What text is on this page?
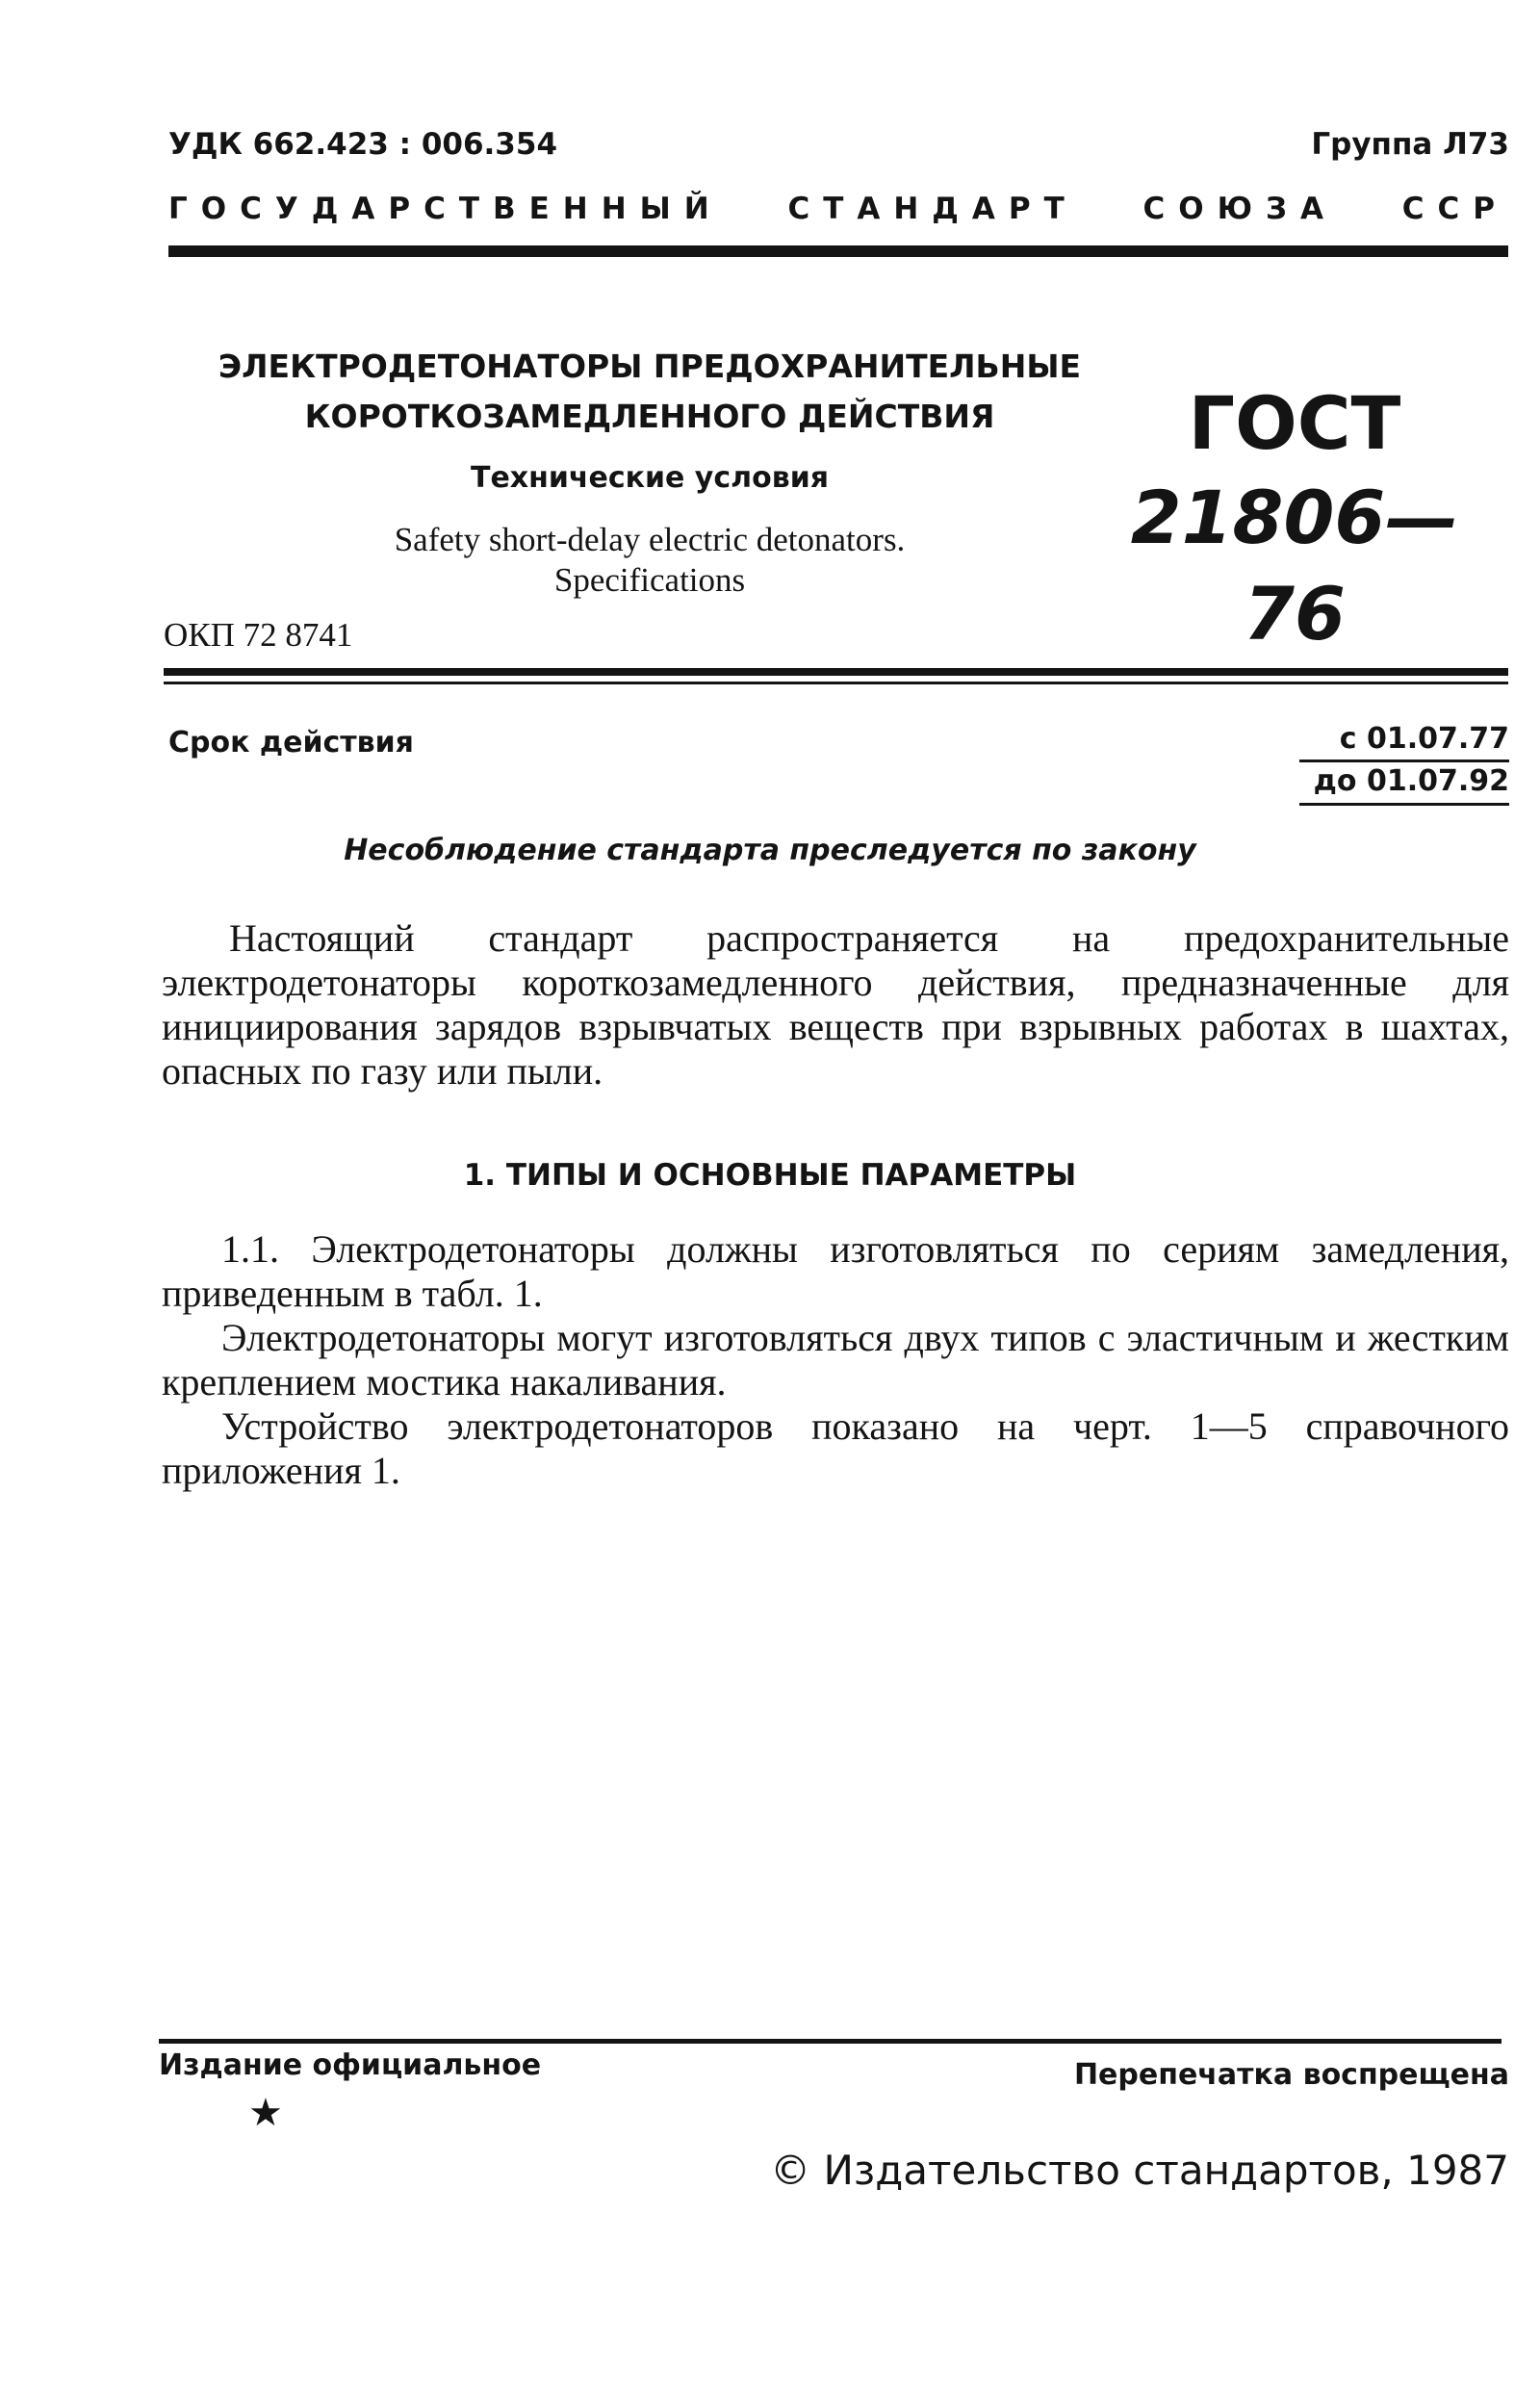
УДК 662.423 : 006.354	Группа Л73
ГОСУДАРСТВЕННЫЙ СТАНДАРТ СОЮЗА ССР
ЭЛЕКТРОДЕТОНАТОРЫ ПРЕДОХРАНИТЕЛЬНЫЕ
КОРОТКОЗАМЕДЛЕННОГО ДЕЙСТВИЯ
Технические условия
Safety short-delay electric detonators.
Specifications
ГОСТ
21806—76
ОКП 72 8741
Срок действия	с 01.07.77
до 01.07.92
Несоблюдение стандарта преследуется по закону
Настоящий стандарт распространяется на предохранительные электродетонаторы короткозамедленного действия, предназначенные для инициирования зарядов взрывчатых веществ при взрывных работах в шахтах, опасных по газу или пыли.
1. ТИПЫ И ОСНОВНЫЕ ПАРАМЕТРЫ
1.1. Электродетонаторы должны изготовляться по сериям замедления, приведенным в табл. 1.
Электродетонаторы могут изготовляться двух типов с эластичным и жестким креплением мостика накаливания.
Устройство электродетонаторов показано на черт. 1—5 справочного приложения 1.
Издание официальное
★
Перепечатка воспрещена
© Издательство стандартов, 1987
